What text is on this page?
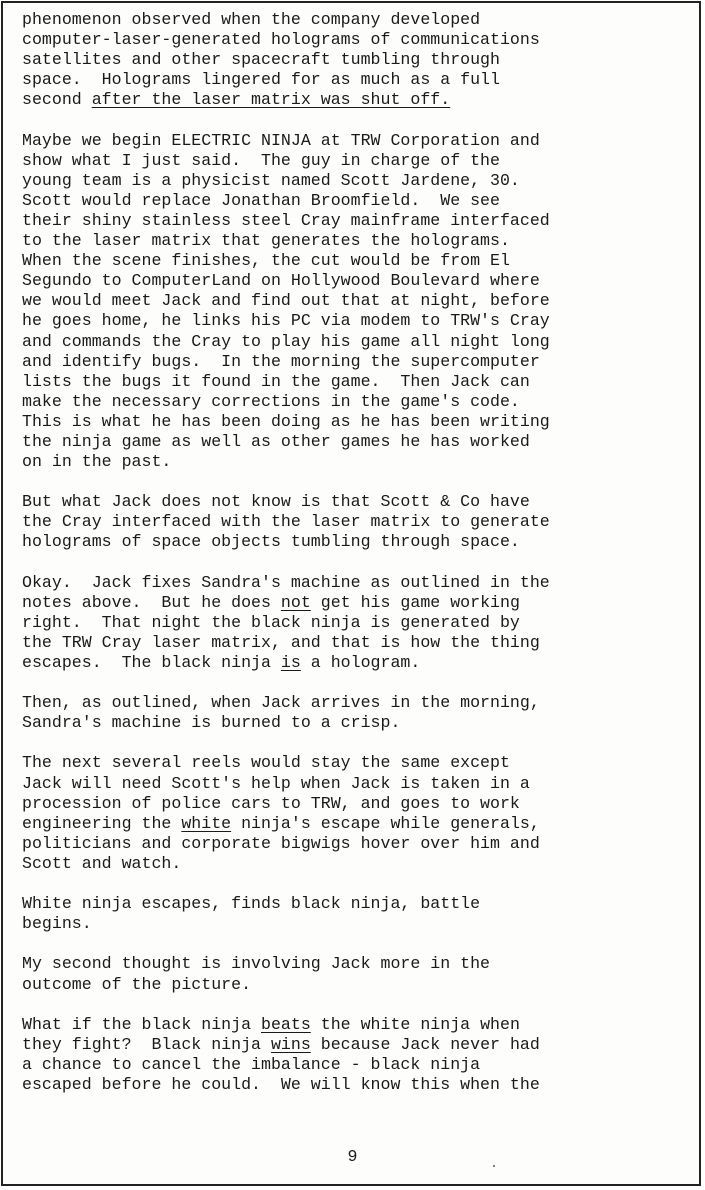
phenomenon observed when the company developed
computer-laser-generated holograms of communications
satellites and other spacecraft tumbling through
space.  Holograms lingered for as much as a full
second after the laser matrix was shut off.
Maybe we begin ELECTRIC NINJA at TRW Corporation and
show what I just said.  The guy in charge of the
young team is a physicist named Scott Jardene, 30.
Scott would replace Jonathan Broomfield.  We see
their shiny stainless steel Cray mainframe interfaced
to the laser matrix that generates the holograms.
When the scene finishes, the cut would be from El
Segundo to ComputerLand on Hollywood Boulevard where
we would meet Jack and find out that at night, before
he goes home, he links his PC via modem to TRW's Cray
and commands the Cray to play his game all night long
and identify bugs.  In the morning the supercomputer
lists the bugs it found in the game.  Then Jack can
make the necessary corrections in the game's code.
This is what he has been doing as he has been writing
the ninja game as well as other games he has worked
on in the past.
But what Jack does not know is that Scott & Co have
the Cray interfaced with the laser matrix to generate
holograms of space objects tumbling through space.
Okay.  Jack fixes Sandra's machine as outlined in the
notes above.  But he does not get his game working
right.  That night the black ninja is generated by
the TRW Cray laser matrix, and that is how the thing
escapes.  The black ninja is a hologram.
Then, as outlined, when Jack arrives in the morning,
Sandra's machine is burned to a crisp.
The next several reels would stay the same except
Jack will need Scott's help when Jack is taken in a
procession of police cars to TRW, and goes to work
engineering the white ninja's escape while generals,
politicians and corporate bigwigs hover over him and
Scott and watch.
White ninja escapes, finds black ninja, battle
begins.
My second thought is involving Jack more in the
outcome of the picture.
What if the black ninja beats the white ninja when
they fight?  Black ninja wins because Jack never had
a chance to cancel the imbalance - black ninja
escaped before he could.  We will know this when the
9
